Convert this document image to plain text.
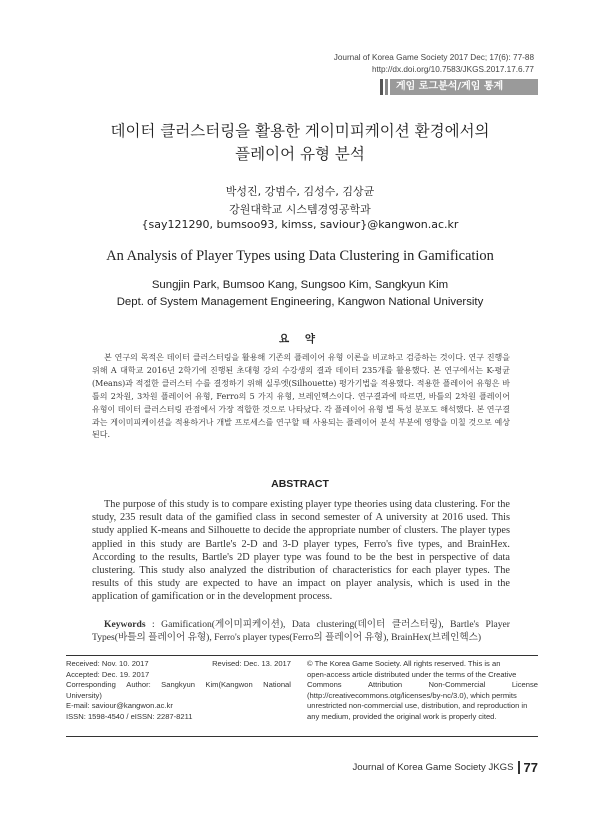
Journal of Korea Game Society 2017 Dec; 17(6): 77-88
http://dx.doi.org/10.7583/JKGS.2017.17.6.77
게임 로그분석/게임 통계
데이터 클러스터링을 활용한 게이미피케이션 환경에서의
플레이어 유형 분석
박성진, 강범수, 김성수, 김상균
강원대학교 시스템경영공학과
{say121290, bumsoo93, kimss, saviour}@kangwon.ac.kr
An Analysis of Player Types using Data Clustering in Gamification
Sungjin Park, Bumsoo Kang, Sungsoo Kim, Sangkyun Kim
Dept. of System Management Engineering, Kangwon National University
요 약
본 연구의 목적은 데이터 클러스터링을 활용해 기존의 플레이어 유형 이론을 비교하고 검증하는 것이다. 연구 진행을 위해 A 대학교 2016년 2학기에 진행된 초대형 강의 수강생의 결과 데이터 235개를 활용했다. 본 연구에서는 K-평균(Means)과 적절한 클러스터 수를 결정하기 위해 실루엣(Silhouette) 평가기법을 적용했다. 적용한 플레이어 유형은 바틀의 2차원, 3차원 플레이어 유형, Ferro의 5 가지 유형, 브레인헥스이다. 연구결과에 따르면, 바틀의 2차원 플레이어 유형이 데이터 클러스터링 관점에서 가장 적합한 것으로 나타났다. 각 플레이어 유형 별 특성 분포도 해석했다. 본 연구결과는 게이미피케이션을 적용하거나 개발 프로세스를 연구할 때 사용되는 플레이어 분석 부분에 영향을 미칠 것으로 예상된다.
ABSTRACT
The purpose of this study is to compare existing player type theories using data clustering. For the study, 235 result data of the gamified class in second semester of A university at 2016 used. This study applied K-means and Silhouette to decide the appropriate number of clusters. The player types applied in this study are Bartle's 2-D and 3-D player types, Ferro's five types, and BrainHex. According to the results, Bartle's 2D player type was found to be the best in perspective of data clustering. This study also analyzed the distribution of characteristics for each player types. The results of this study are expected to have an impact on player analysis, which is used in the application of gamification or in the development process.
Keywords : Gamification(게이미피케이션), Data clustering(데이터 클러스터링), Bartle's Player Types(바틀의 플레이어 유형), Ferro's player types(Ferro의 플레이어 유형), BrainHex(브레인헥스)
Received: Nov. 10. 2017	Revised: Dec. 13. 2017
Accepted: Dec. 19. 2017
Corresponding Author: Sangkyun Kim(Kangwon National
University)
E-mail: saviour@kangwon.ac.kr
ISSN: 1598-4540 / eISSN: 2287-8211
© The Korea Game Society. All rights reserved. This is an
open-access article distributed under the terms of the Creative
Commons	Attribution	Non-Commercial	License
(http://creativecommons.otg/licenses/by-nc/3.0), which permits
unrestricted non-commercial use, distribution, and reproduction in
any medium, provided the original work is properly cited.
Journal of Korea Game Society JKGS 77
